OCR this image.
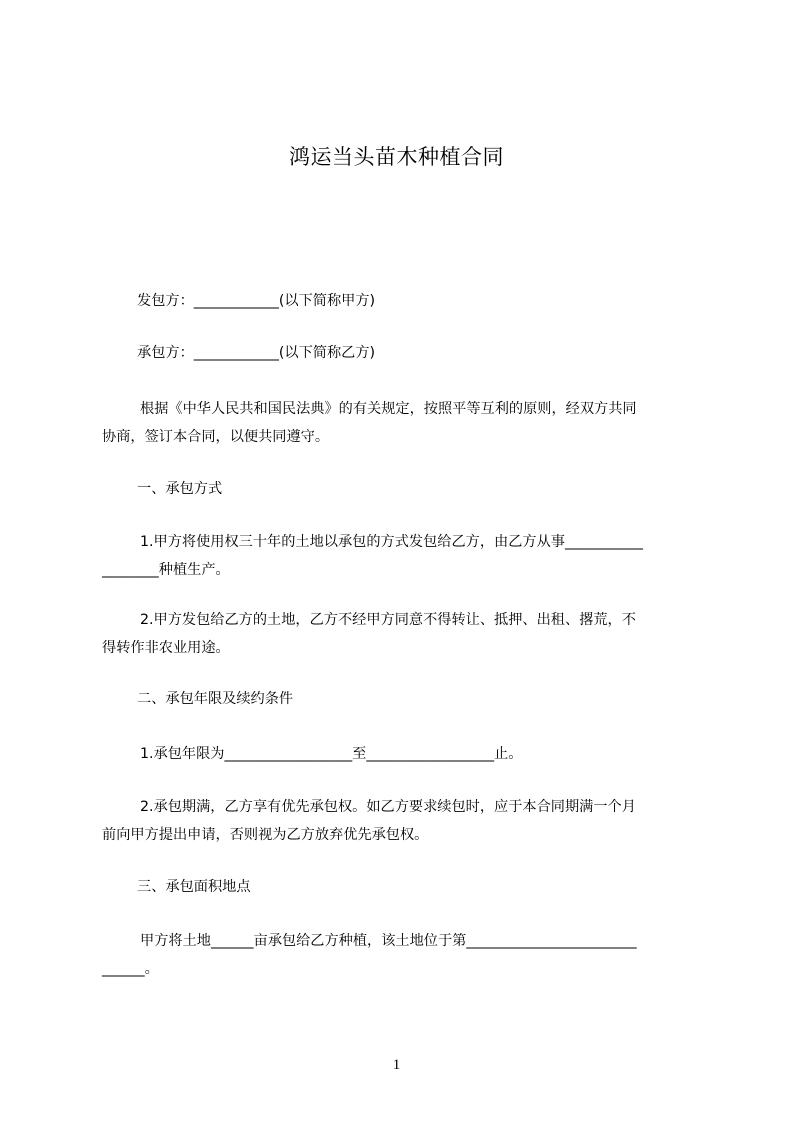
鸿运当头苗木种植合同
发包方：____________(以下简称甲方)
承包方：____________(以下简称乙方)
根据《中华人民共和国民法典》的有关规定，按照平等互利的原则，经双方共同
协商，签订本合同，以便共同遵守。
一、承包方式
1.甲方将使用权三十年的土地以承包的方式发包给乙方，由乙方从事___________
________种植生产。
2.甲方发包给乙方的土地，乙方不经甲方同意不得转让、抵押、出租、撂荒，不
得转作非农业用途。
二、承包年限及续约条件
1.承包年限为__________________至__________________止。
2.承包期满，乙方享有优先承包权。如乙方要求续包时，应于本合同期满一个月
前向甲方提出申请，否则视为乙方放弃优先承包权。
三、承包面积地点
甲方将土地______亩承包给乙方种植，该土地位于第________________________
______。
1
